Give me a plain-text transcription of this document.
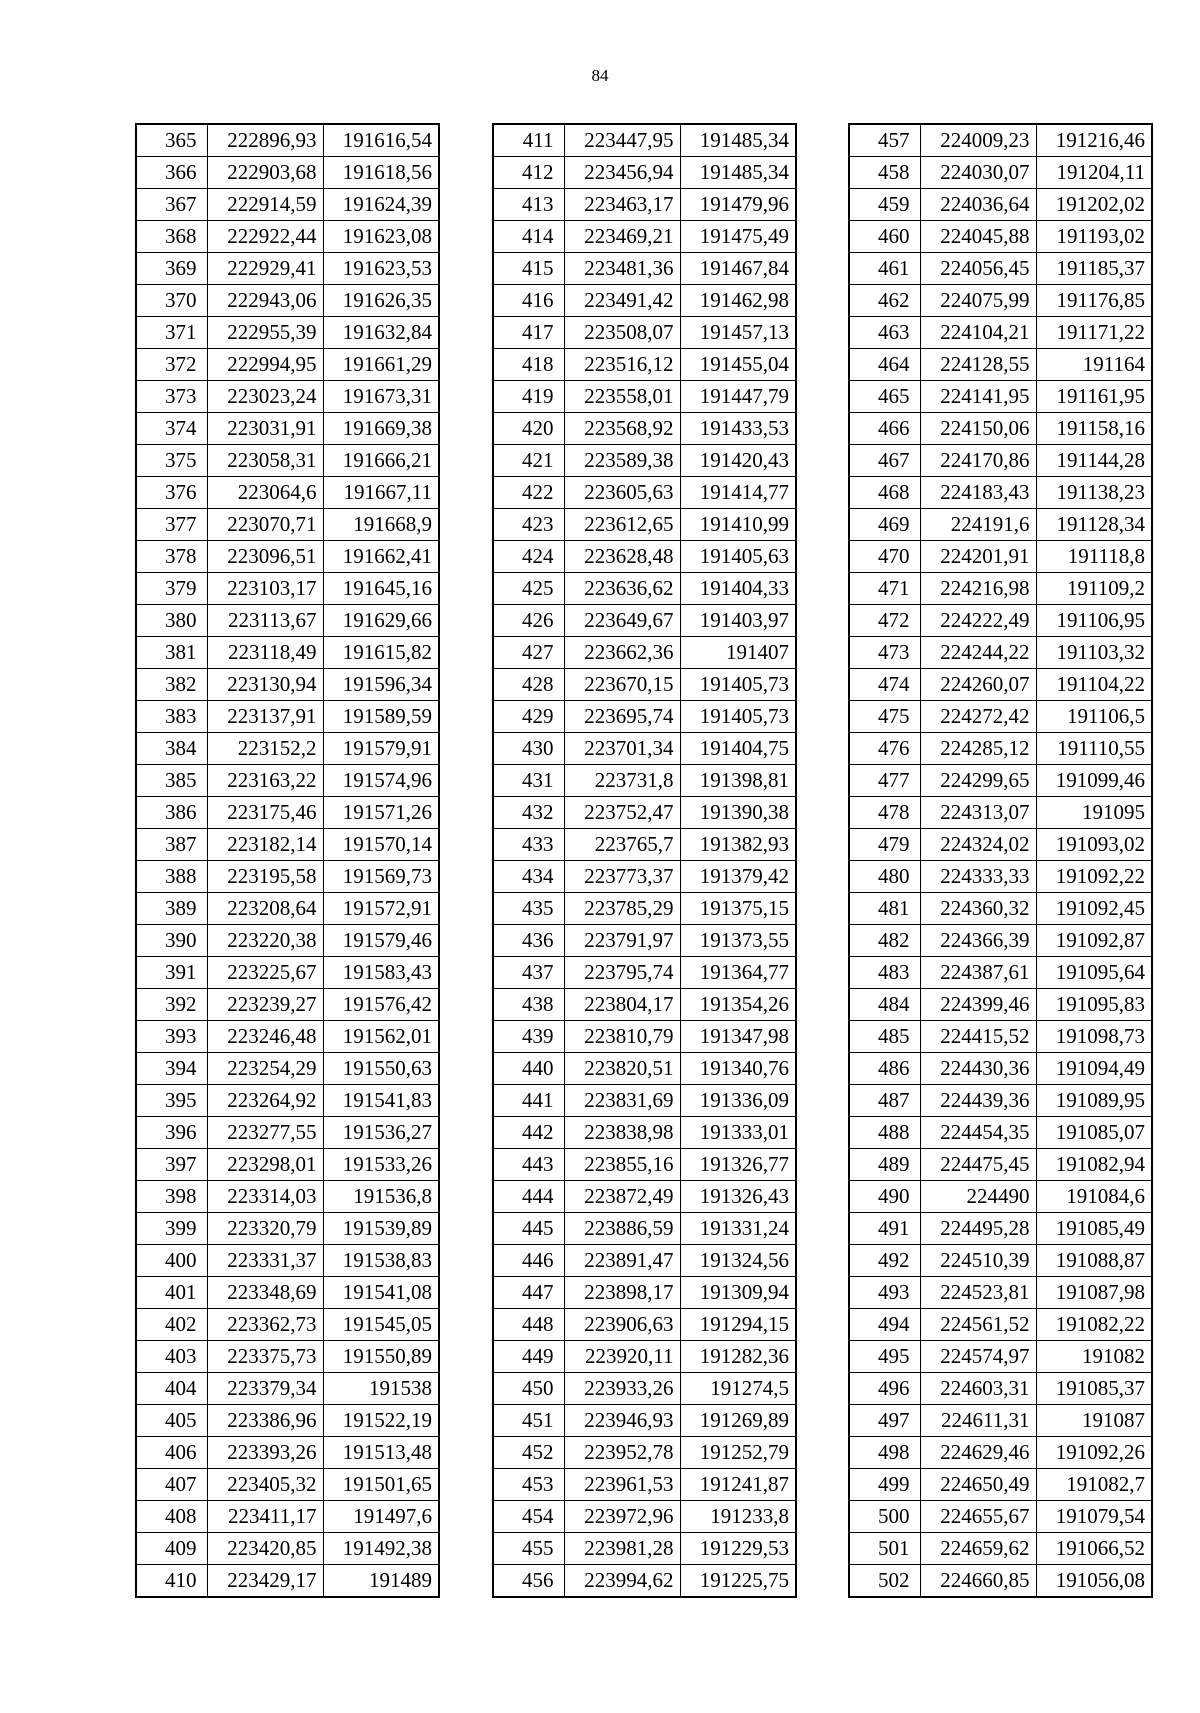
84
365	222896,93	191616,54
366	222903,68	191618,56
367	222914,59	191624,39
368	222922,44	191623,08
369	222929,41	191623,53
370	222943,06	191626,35
371	222955,39	191632,84
372	222994,95	191661,29
373	223023,24	191673,31
374	223031,91	191669,38
375	223058,31	191666,21
376	223064,6	191667,11
377	223070,71	191668,9
378	223096,51	191662,41
379	223103,17	191645,16
380	223113,67	191629,66
381	223118,49	191615,82
382	223130,94	191596,34
383	223137,91	191589,59
384	223152,2	191579,91
385	223163,22	191574,96
386	223175,46	191571,26
387	223182,14	191570,14
388	223195,58	191569,73
389	223208,64	191572,91
390	223220,38	191579,46
391	223225,67	191583,43
392	223239,27	191576,42
393	223246,48	191562,01
394	223254,29	191550,63
395	223264,92	191541,83
396	223277,55	191536,27
397	223298,01	191533,26
398	223314,03	191536,8
399	223320,79	191539,89
400	223331,37	191538,83
401	223348,69	191541,08
402	223362,73	191545,05
403	223375,73	191550,89
404	223379,34	191538
405	223386,96	191522,19
406	223393,26	191513,48
407	223405,32	191501,65
408	223411,17	191497,6
409	223420,85	191492,38
410	223429,17	191489
411	223447,95	191485,34
412	223456,94	191485,34
413	223463,17	191479,96
414	223469,21	191475,49
415	223481,36	191467,84
416	223491,42	191462,98
417	223508,07	191457,13
418	223516,12	191455,04
419	223558,01	191447,79
420	223568,92	191433,53
421	223589,38	191420,43
422	223605,63	191414,77
423	223612,65	191410,99
424	223628,48	191405,63
425	223636,62	191404,33
426	223649,67	191403,97
427	223662,36	191407
428	223670,15	191405,73
429	223695,74	191405,73
430	223701,34	191404,75
431	223731,8	191398,81
432	223752,47	191390,38
433	223765,7	191382,93
434	223773,37	191379,42
435	223785,29	191375,15
436	223791,97	191373,55
437	223795,74	191364,77
438	223804,17	191354,26
439	223810,79	191347,98
440	223820,51	191340,76
441	223831,69	191336,09
442	223838,98	191333,01
443	223855,16	191326,77
444	223872,49	191326,43
445	223886,59	191331,24
446	223891,47	191324,56
447	223898,17	191309,94
448	223906,63	191294,15
449	223920,11	191282,36
450	223933,26	191274,5
451	223946,93	191269,89
452	223952,78	191252,79
453	223961,53	191241,87
454	223972,96	191233,8
455	223981,28	191229,53
456	223994,62	191225,75
457	224009,23	191216,46
458	224030,07	191204,11
459	224036,64	191202,02
460	224045,88	191193,02
461	224056,45	191185,37
462	224075,99	191176,85
463	224104,21	191171,22
464	224128,55	191164
465	224141,95	191161,95
466	224150,06	191158,16
467	224170,86	191144,28
468	224183,43	191138,23
469	224191,6	191128,34
470	224201,91	191118,8
471	224216,98	191109,2
472	224222,49	191106,95
473	224244,22	191103,32
474	224260,07	191104,22
475	224272,42	191106,5
476	224285,12	191110,55
477	224299,65	191099,46
478	224313,07	191095
479	224324,02	191093,02
480	224333,33	191092,22
481	224360,32	191092,45
482	224366,39	191092,87
483	224387,61	191095,64
484	224399,46	191095,83
485	224415,52	191098,73
486	224430,36	191094,49
487	224439,36	191089,95
488	224454,35	191085,07
489	224475,45	191082,94
490	224490	191084,6
491	224495,28	191085,49
492	224510,39	191088,87
493	224523,81	191087,98
494	224561,52	191082,22
495	224574,97	191082
496	224603,31	191085,37
497	224611,31	191087
498	224629,46	191092,26
499	224650,49	191082,7
500	224655,67	191079,54
501	224659,62	191066,52
502	224660,85	191056,08
